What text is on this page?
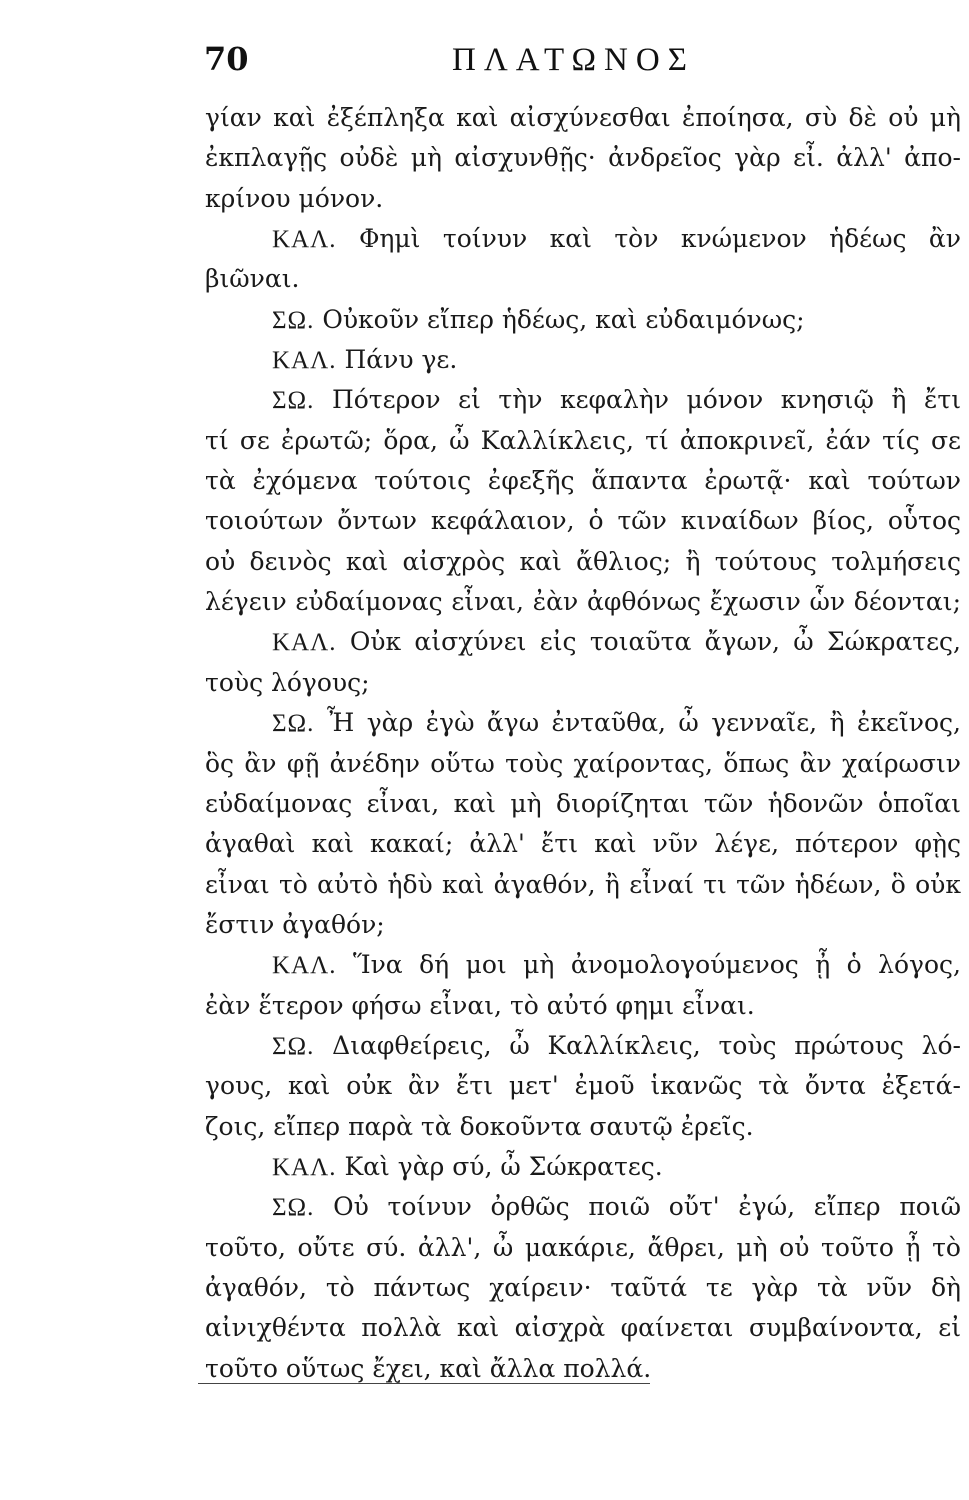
70	ΠΛΑΤΩΝΟΣ
γίαν καὶ ἐξέπληξα καὶ αἰσχύνεσθαι ἐποίησα, σὺ δὲ οὐ μὴ
ἐκπλαγῇς οὐδὲ μὴ αἰσχυνθῇς· ἀνδρεῖος γὰρ εἶ. ἀλλ' ἀπο-
κρίνου μόνον.
ΚΑΛ. Φημὶ τοίνυν καὶ τὸν κνώμενον ἡδέως ἂν
βιῶναι.
ΣΩ. Οὐκοῦν εἴπερ ἡδέως, καὶ εὐδαιμόνως;
ΚΑΛ. Πάνυ γε.
ΣΩ. Πότερον εἰ τὴν κεφαλὴν μόνον κνησιῷ ἢ ἔτι
τί σε ἐρωτῶ; ὅρα, ὦ Καλλίκλεις, τί ἀποκρινεῖ, ἐάν τίς σε
τὰ ἐχόμενα τούτοις ἐφεξῆς ἅπαντα ἐρωτᾷ· καὶ τούτων
τοιούτων ὄντων κεφάλαιον, ὁ τῶν κιναίδων βίος, οὗτος
οὐ δεινὸς καὶ αἰσχρὸς καὶ ἄθλιος; ἢ τούτους τολμήσεις
λέγειν εὐδαίμονας εἶναι, ἐὰν ἀφθόνως ἔχωσιν ὧν δέονται;
ΚΑΛ. Οὐκ αἰσχύνει εἰς τοιαῦτα ἄγων, ὦ Σώκρατες,
τοὺς λόγους;
ΣΩ. Ἦ γὰρ ἐγὼ ἄγω ἐνταῦθα, ὦ γενναῖε, ἢ ἐκεῖνος,
ὃς ἂν φῇ ἀνέδην οὕτω τοὺς χαίροντας, ὅπως ἂν χαίρωσιν
εὐδαίμονας εἶναι, καὶ μὴ διορίζηται τῶν ἡδονῶν ὁποῖαι
ἀγαθαὶ καὶ κακαί; ἀλλ' ἔτι καὶ νῦν λέγε, πότερον φῂς
εἶναι τὸ αὐτὸ ἡδὺ καὶ ἀγαθόν, ἢ εἶναί τι τῶν ἡδέων, ὃ οὐκ
ἔστιν ἀγαθόν;
ΚΑΛ. Ἵνα δή μοι μὴ ἀνομολογούμενος ᾖ ὁ λόγος,
ἐὰν ἕτερον φήσω εἶναι, τὸ αὐτό φημι εἶναι.
ΣΩ. Διαφθείρεις, ὦ Καλλίκλεις, τοὺς πρώτους λό-
γους, καὶ οὐκ ἂν ἔτι μετ' ἐμοῦ ἱκανῶς τὰ ὄντα ἐξετά-
ζοις, εἴπερ παρὰ τὰ δοκοῦντα σαυτῷ ἐρεῖς.
ΚΑΛ. Καὶ γὰρ σύ, ὦ Σώκρατες.
ΣΩ. Οὐ τοίνυν ὀρθῶς ποιῶ οὔτ' ἐγώ, εἴπερ ποιῶ
τοῦτο, οὔτε σύ. ἀλλ', ὦ μακάριε, ἄθρει, μὴ οὐ τοῦτο ᾖ τὸ
ἀγαθόν, τὸ πάντως χαίρειν· ταῦτά τε γὰρ τὰ νῦν δὴ
αἰνιχθέντα πολλὰ καὶ αἰσχρὰ φαίνεται συμβαίνοντα, εἰ
τοῦτο οὕτως ἔχει, καὶ ἄλλα πολλά.
